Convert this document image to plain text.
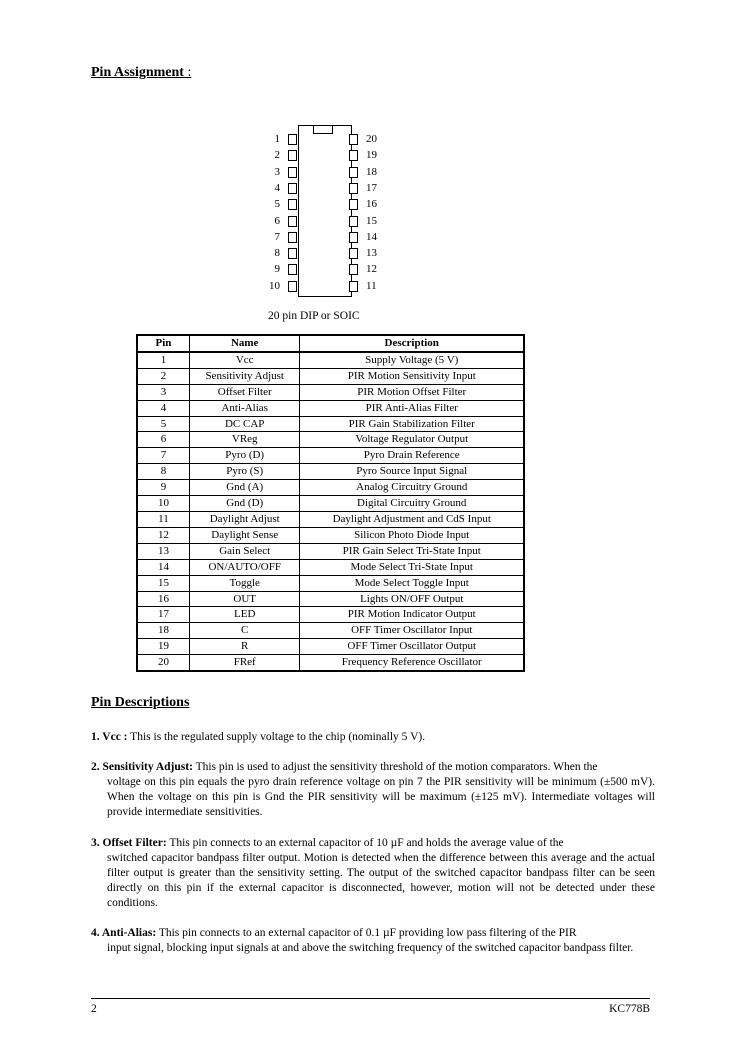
Pin Assignment :
1
2
3
4
5
6
7
8
9
10
20
19
18
17
16
15
14
13
12
11
20 pin DIP or SOIC
Pin	Name	Description
1	Vcc	Supply Voltage (5 V)
2	Sensitivity Adjust	PIR Motion Sensitivity Input
3	Offset Filter	PIR Motion Offset Filter
4	Anti-Alias	PIR Anti-Alias Filter
5	DC CAP	PIR Gain Stabilization Filter
6	VReg	Voltage Regulator Output
7	Pyro (D)	Pyro Drain Reference
8	Pyro (S)	Pyro Source Input Signal
9	Gnd (A)	Analog Circuitry Ground
10	Gnd (D)	Digital Circuitry Ground
11	Daylight Adjust	Daylight Adjustment and CdS Input
12	Daylight Sense	Silicon Photo Diode Input
13	Gain Select	PIR Gain Select Tri-State Input
14	ON/AUTO/OFF	Mode Select Tri-State Input
15	Toggle	Mode Select Toggle Input
16	OUT	Lights ON/OFF Output
17	LED	PIR Motion Indicator Output
18	C	OFF Timer Oscillator Input
19	R	OFF Timer Oscillator Output
20	FRef	Frequency Reference Oscillator
Pin Descriptions
1. Vcc : This is the regulated supply voltage to the chip (nominally 5 V).
2. Sensitivity Adjust: This pin is used to adjust the sensitivity threshold of the motion comparators. When the
voltage on this pin equals the pyro drain reference voltage on pin 7 the PIR sensitivity will be minimum (±500 mV). When the voltage on this pin is Gnd the PIR sensitivity will be maximum (±125 mV). Intermediate voltages will provide intermediate sensitivities.
3. Offset Filter: This pin connects to an external capacitor of 10 µF and holds the average value of the
switched capacitor bandpass filter output. Motion is detected when the difference between this average and the actual filter output is greater than the sensitivity setting. The output of the switched capacitor bandpass filter can be seen directly on this pin if the external capacitor is disconnected, however, motion will not be detected under these conditions.
4. Anti-Alias: This pin connects to an external capacitor of 0.1 µF providing low pass filtering of the PIR
input signal, blocking input signals at and above the switching frequency of the switched capacitor bandpass filter.
2	KC778B
